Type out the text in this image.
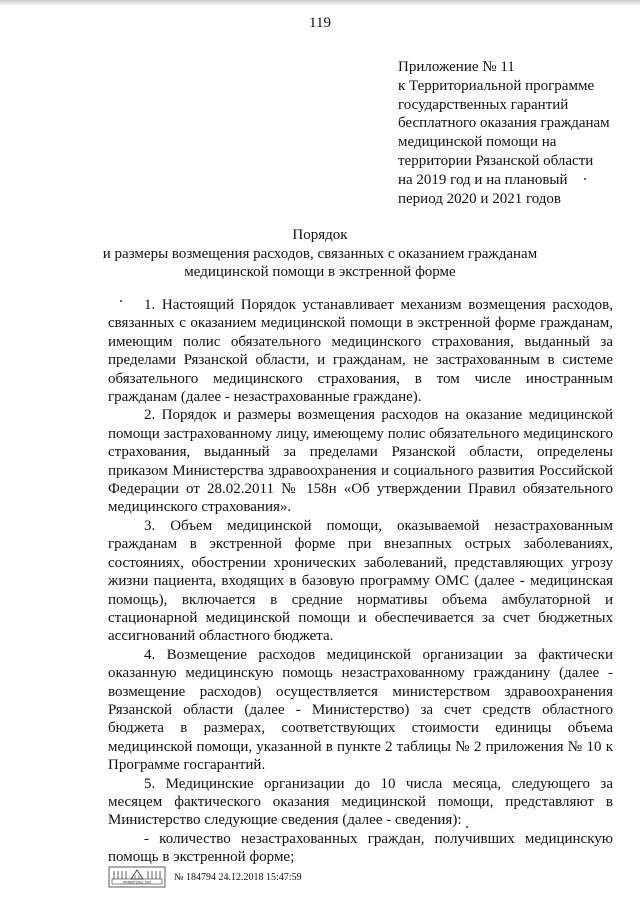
119
Приложение № 11
к Территориальной программе
государственных гарантий
бесплатного оказания гражданам
медицинской помощи на
территории Рязанской области
на 2019 год и на плановый
период 2020 и 2021 годов
Порядок
и размеры возмещения расходов, связанных с оказанием гражданам
медицинской помощи в экстренной форме

1. Настоящий Порядок устанавливает механизм возмещения расходов, связанных с оказанием медицинской помощи в экстренной форме гражданам, имеющим полис обязательного медицинского страхования, выданный за пределами Рязанской области, и гражданам, не застрахованным в системе обязательного медицинского страхования, в том числе иностранным гражданам (далее - незастрахованные граждане).

2. Порядок и размеры возмещения расходов на оказание медицинской помощи застрахованному лицу, имеющему полис обязательного медицинского страхования, выданный за пределами Рязанской области, определены приказом Министерства здравоохранения и социального развития Российской Федерации от 28.02.2011 № 158н «Об утверждении Правил обязательного медицинского страхования».

3. Объем медицинской помощи, оказываемой незастрахованным гражданам в экстренной форме при внезапных острых заболеваниях, состояниях, обострении хронических заболеваний, представляющих угрозу жизни пациента, входящих в базовую программу ОМС (далее - медицинская помощь), включается в средние нормативы объема амбулаторной и стационарной медицинской помощи и обеспечивается за счет бюджетных ассигнований областного бюджета.

4. Возмещение расходов медицинской организации за фактически оказанную медицинскую помощь незастрахованному гражданину (далее - возмещение расходов) осуществляется министерством здравоохранения Рязанской области (далее - Министерство) за счет средств областного бюджета в размерах, соответствующих стоимости единицы объема медицинской помощи, указанной в пункте 2 таблицы № 2 приложения № 10 к Программе госгарантий.

5. Медицинские организации до 10 числа месяца, следующего за месяцем фактического оказания медицинской помощи, представляют в Министерство следующие сведения (далее - сведения):

- количество незастрахованных граждан, получивших медицинскую помощь в экстренной форме;

ПРАВИТЕЛЬСТВО № 184794 24.12.2018 15:47:59
